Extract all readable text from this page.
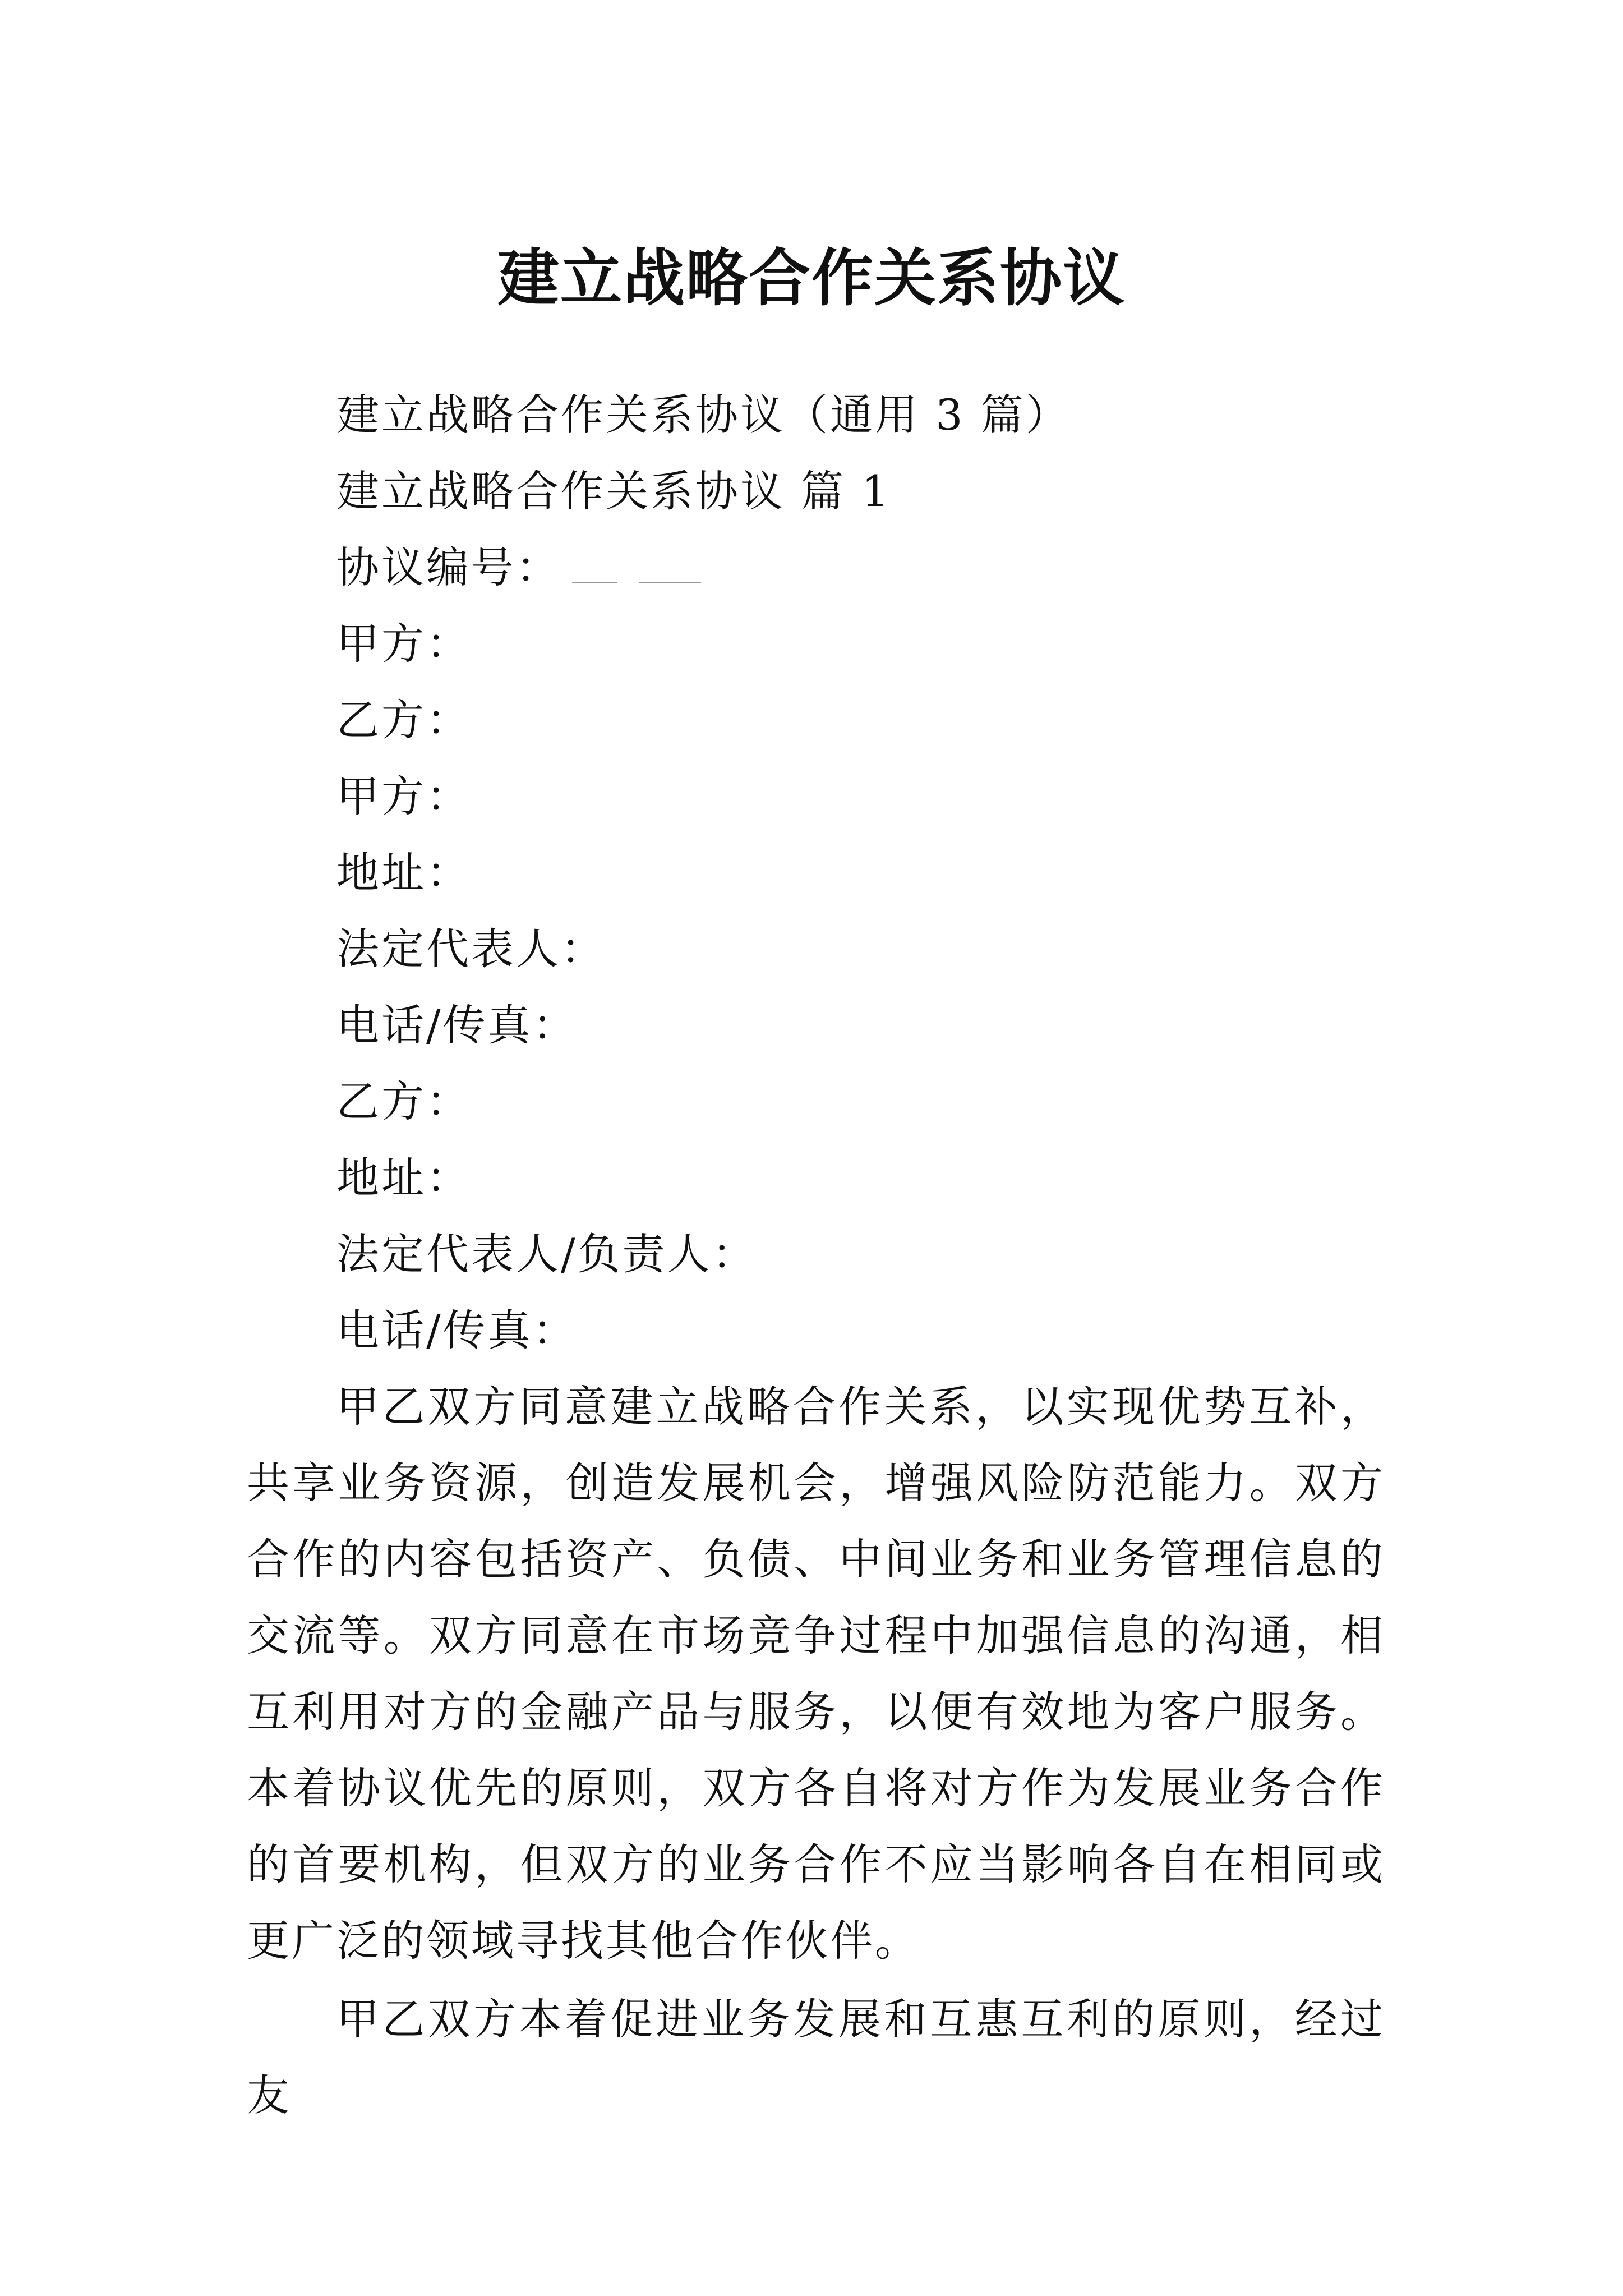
建立战略合作关系协议
建立战略合作关系协议（通用 3 篇）
建立战略合作关系协议 篇 1
协议编号：
甲方：
乙方：
甲方：
地址：
法定代表人：
电话/传真：
乙方：
地址：
法定代表人/负责人：
电话/传真：

甲乙双方同意建立战略合作关系，以实现优势互补，共享业务资源，创造发展机会，增强风险防范能力。双方合作的内容包括资产、负债、中间业务和业务管理信息的交流等。双方同意在市场竞争过程中加强信息的沟通，相互利用对方的金融产品与服务，以便有效地为客户服务。本着协议优先的原则，双方各自将对方作为发展业务合作的首要机构，但双方的业务合作不应当影响各自在相同或更广泛的领域寻找其他合作伙伴。

甲乙双方本着促进业务发展和互惠互利的原则，经过友
